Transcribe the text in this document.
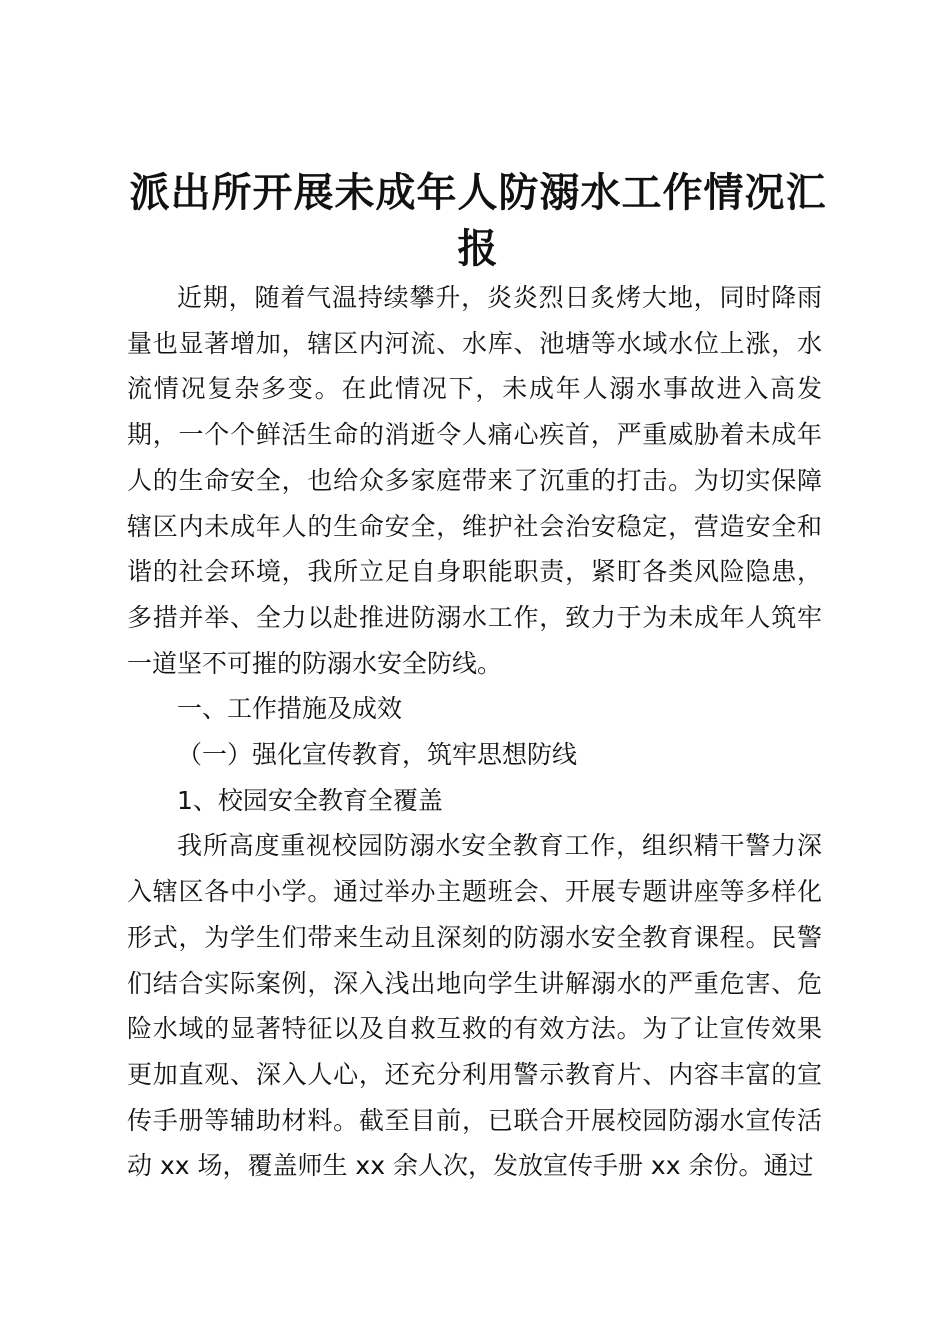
派出所开展未成年人防溺水工作情况汇报

近期，随着气温持续攀升，炎炎烈日炙烤大地，同时降雨量也显著增加，辖区内河流、水库、池塘等水域水位上涨，水流情况复杂多变。在此情况下，未成年人溺水事故进入高发期，一个个鲜活生命的消逝令人痛心疾首，严重威胁着未成年人的生命安全，也给众多家庭带来了沉重的打击。为切实保障辖区内未成年人的生命安全，维护社会治安稳定，营造安全和谐的社会环境，我所立足自身职能职责，紧盯各类风险隐患，多措并举、全力以赴推进防溺水工作，致力于为未成年人筑牢一道坚不可摧的防溺水安全防线。

一、工作措施及成效

（一）强化宣传教育，筑牢思想防线

1、校园安全教育全覆盖

我所高度重视校园防溺水安全教育工作，组织精干警力深入辖区各中小学。通过举办主题班会、开展专题讲座等多样化形式，为学生们带来生动且深刻的防溺水安全教育课程。民警们结合实际案例，深入浅出地向学生讲解溺水的严重危害、危险水域的显著特征以及自救互救的有效方法。为了让宣传效果更加直观、深入人心，还充分利用警示教育片、内容丰富的宣传手册等辅助材料。截至目前，已联合开展校园防溺水宣传活动 xx 场，覆盖师生 xx 余人次，发放宣传手册 xx 余份。通过
